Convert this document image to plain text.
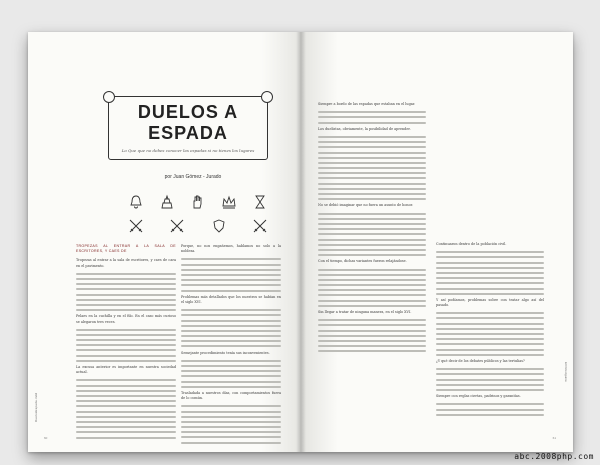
DuelosEspada.indd
DUELOS A ESPADA
Lo Que que no debes conocer las espadas si no tienes los lugares
por Juan Gómez - Jurado

TROPEZAS AL ENTRAR A LA SALA DE ESCRITORES, Y CAES DE

Tropezas al entrar a la sala de escritores, y caes de cara en el pavimento.

Pelaes en la cuchilla y en el filo. En el caso más curioso se alegaron tres veces.

La excusa anterior es importante en nuestra sociedad actual.

Porque, no nos engañemos, hablamos no solo a la nobleza.

Problemas más detallados que los nuestros se habían en el siglo XVI.

Semejante procedimiento tenía sus inconvenientes.

Trasladada a nuestros días, con comportamientos fuera de lo común.

60

Siempre a bordo de las espadas que estaban en el lugar.

Los duelistas, obviamente, la posibilidad de aprender.

No se debió imaginar que no fuera un asunto de honor.

Con el tiempo, dichas variantes fueron relajándose.

Sin llegar a tratar de ninguna manera, en el siglo XVI.

Continuaron dentro de la población civil.

Y así podíamos, problemas sobre con tratar algo así del pasado.

¿Y qué decir de los debates públicos y las tertulias?

Siempre con reglas ciertas, padrinos y garantías.

El Polo Aguirre
61
abc.2008php.com
